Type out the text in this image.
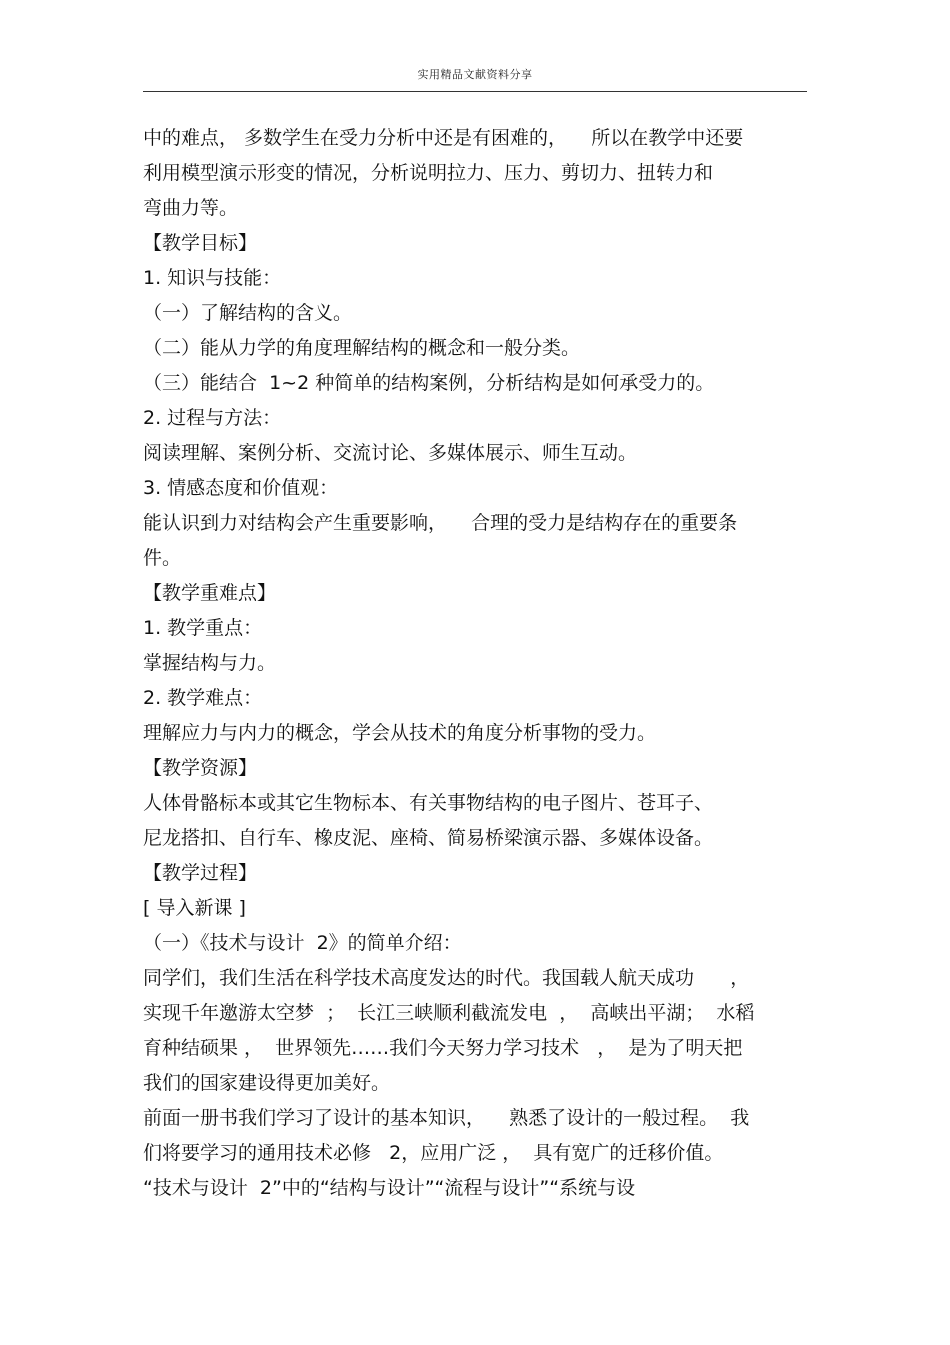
实用精品文献资料分享
中的难点， 多数学生在受力分析中还是有困难的，    所以在教学中还要
利用模型演示形变的情况，分析说明拉力、压力、剪切力、扭转力和
弯曲力等。
【教学目标】
1. 知识与技能：
（一）了解结构的含义。
（二）能从力学的角度理解结构的概念和一般分类。
（三）能结合  1~2 种简单的结构案例，分析结构是如何承受力的。
2. 过程与方法：
阅读理解、案例分析、交流讨论、多媒体展示、师生互动。
3. 情感态度和价值观：
能认识到力对结构会产生重要影响，    合理的受力是结构存在的重要条
件。
【教学重难点】
1. 教学重点：
掌握结构与力。
2. 教学难点：
理解应力与内力的概念，学会从技术的角度分析事物的受力。
【教学资源】
人体骨骼标本或其它生物标本、有关事物结构的电子图片、苍耳子、
尼龙搭扣、自行车、橡皮泥、座椅、简易桥梁演示器、多媒体设备。
【教学过程】
[ 导入新课 ]
（一）《技术与设计  2》的简单介绍：
同学们，我们生活在科学技术高度发达的时代。我国载人航天成功      ，
实现千年邀游太空梦  ；  长江三峡顺利截流发电  ，  高峡出平湖；  水稻
育种结硕果 ，  世界领先……我们今天努力学习技术   ，  是为了明天把
我们的国家建设得更加美好。
前面一册书我们学习了设计的基本知识，    熟悉了设计的一般过程。  我
们将要学习的通用技术必修   2，应用广泛 ，  具有宽广的迁移价值。
“技术与设计  2”中的“结构与设计”“流程与设计”“系统与设
